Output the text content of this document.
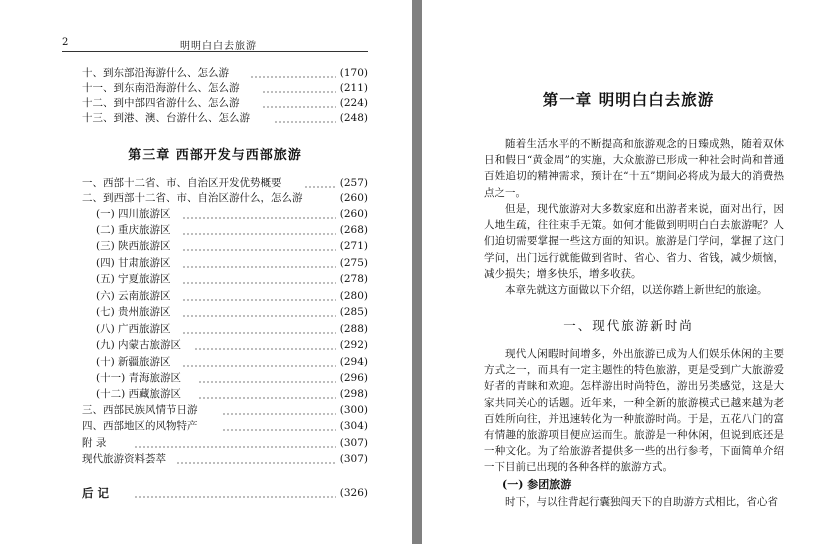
2	明明白白去旅游
十、到东部沿海游什么、怎么游	(170)
十一、到东南沿海游什么、怎么游	(211)
十二、到中部四省游什么、怎么游	(224)
十三、到港、澳、台游什么、怎么游	(248)
第三章 西部开发与西部旅游
一、西部十二省、市、自治区开发优势概要	(257)
二、到西部十二省、市、自治区游什么，怎么游	(260)
(一) 四川旅游区	(260)
(二) 重庆旅游区	(268)
(三) 陕西旅游区	(271)
(四) 甘肃旅游区	(275)
(五) 宁夏旅游区	(278)
(六) 云南旅游区	(280)
(七) 贵州旅游区	(285)
(八) 广西旅游区	(288)
(九) 内蒙古旅游区	(292)
(十) 新疆旅游区	(294)
(十一) 青海旅游区	(296)
(十二) 西藏旅游区	(298)
三、西部民族风情节日游	(300)
四、西部地区的风物特产	(304)
附 录	(307)
现代旅游资料荟萃	(307)
后 记	(326)
第一章 明明白白去旅游

随着生活水平的不断提高和旅游观念的日臻成熟，随着双休日和假日“黄金周”的实施，大众旅游已形成一种社会时尚和普通百姓追切的精神需求，预计在“十五”期间必将成为最大的消费热点之一。

但是，现代旅游对大多数家庭和出游者来说，面对出行，因人地生疏，往往束手无策。如何才能做到明明白白去旅游呢？人们迫切需要掌握一些这方面的知识。旅游是门学问，掌握了这门学问，出门远行就能做到省时、省心、省力、省钱，减少烦恼，减少损失；增多快乐，增多收获。

本章先就这方面做以下介绍，以送你踏上新世纪的旅途。

一、现代旅游新时尚

现代人闲暇时间增多，外出旅游已成为人们娱乐休闲的主要方式之一，而具有一定主题性的特色旅游，更是受到广大旅游爱好者的青睐和欢迎。怎样游出时尚特色，游出另类感觉，这是大家共同关心的话题。近年来，一种全新的旅游模式已越来越为老百姓所向往，并迅速转化为一种旅游时尚。于是，五花八门的富有情趣的旅游项目便应运而生。旅游是一种休闲，但说到底还是一种文化。为了给旅游者提供多一些的出行参考，下面简单介绍一下目前已出现的各种各样的旅游方式。

(一) 参团旅游

时下，与以往背起行囊独闯天下的自助游方式相比，省心省
